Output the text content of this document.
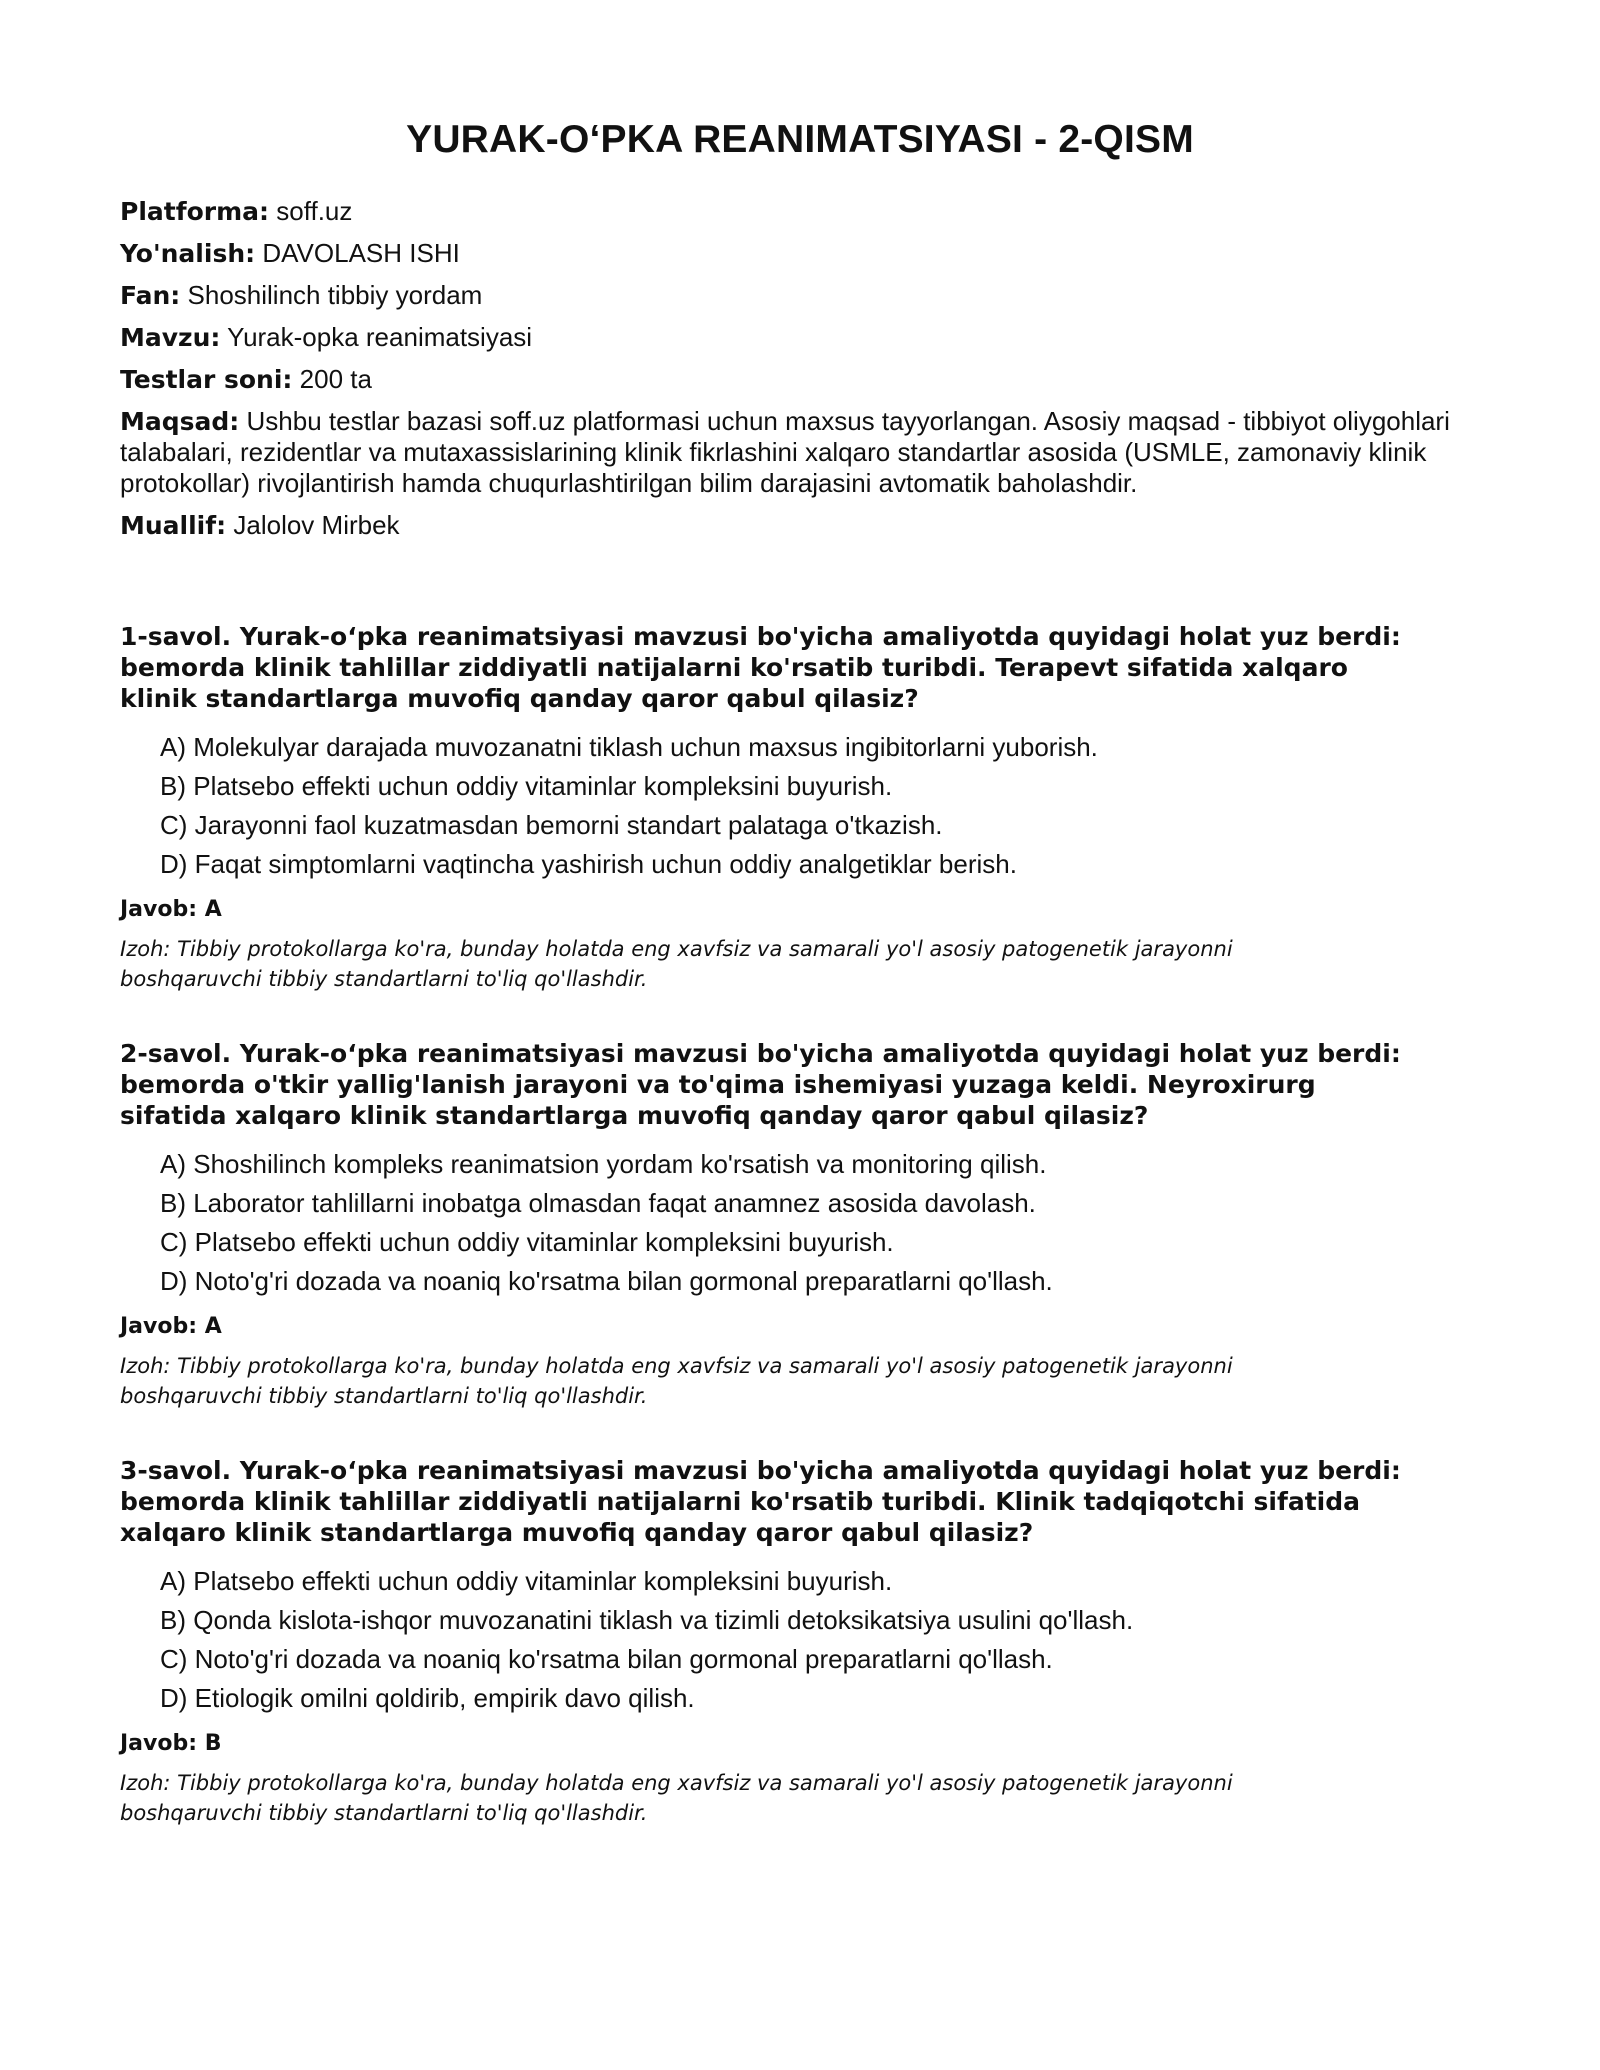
YURAK-O‘PKA REANIMATSIYASI - 2-QISM
Platforma: soff.uz
Yo'nalish: DAVOLASH ISHI
Fan: Shoshilinch tibbiy yordam
Mavzu: Yurak-opka reanimatsiyasi
Testlar soni: 200 ta
Maqsad: Ushbu testlar bazasi soff.uz platformasi uchun maxsus tayyorlangan. Asosiy maqsad - tibbiyot oliygohlari talabalari, rezidentlar va mutaxassislarining klinik fikrlashini xalqaro standartlar asosida (USMLE, zamonaviy klinik protokollar) rivojlantirish hamda chuqurlashtirilgan bilim darajasini avtomatik baholashdir.
Muallif: Jalolov Mirbek

1-savol. Yurak-o‘pka reanimatsiyasi mavzusi bo'yicha amaliyotda quyidagi holat yuz berdi: bemorda klinik tahlillar ziddiyatli natijalarni ko'rsatib turibdi. Terapevt sifatida xalqaro klinik standartlarga muvofiq qanday qaror qabul qilasiz?

A) Molekulyar darajada muvozanatni tiklash uchun maxsus ingibitorlarni yuborish.
B) Platsebo effekti uchun oddiy vitaminlar kompleksini buyurish.
C) Jarayonni faol kuzatmasdan bemorni standart palataga o'tkazish.
D) Faqat simptomlarni vaqtincha yashirish uchun oddiy analgetiklar berish.

Javob: A

Izoh: Tibbiy protokollarga ko'ra, bunday holatda eng xavfsiz va samarali yo'l asosiy patogenetik jarayonni boshqaruvchi tibbiy standartlarni to'liq qo'llashdir.

2-savol. Yurak-o‘pka reanimatsiyasi mavzusi bo'yicha amaliyotda quyidagi holat yuz berdi: bemorda o'tkir yallig'lanish jarayoni va to'qima ishemiyasi yuzaga keldi. Neyroxirurg sifatida xalqaro klinik standartlarga muvofiq qanday qaror qabul qilasiz?

A) Shoshilinch kompleks reanimatsion yordam ko'rsatish va monitoring qilish.
B) Laborator tahlillarni inobatga olmasdan faqat anamnez asosida davolash.
C) Platsebo effekti uchun oddiy vitaminlar kompleksini buyurish.
D) Noto'g'ri dozada va noaniq ko'rsatma bilan gormonal preparatlarni qo'llash.

Javob: A

Izoh: Tibbiy protokollarga ko'ra, bunday holatda eng xavfsiz va samarali yo'l asosiy patogenetik jarayonni boshqaruvchi tibbiy standartlarni to'liq qo'llashdir.

3-savol. Yurak-o‘pka reanimatsiyasi mavzusi bo'yicha amaliyotda quyidagi holat yuz berdi: bemorda klinik tahlillar ziddiyatli natijalarni ko'rsatib turibdi. Klinik tadqiqotchi sifatida xalqaro klinik standartlarga muvofiq qanday qaror qabul qilasiz?

A) Platsebo effekti uchun oddiy vitaminlar kompleksini buyurish.
B) Qonda kislota-ishqor muvozanatini tiklash va tizimli detoksikatsiya usulini qo'llash.
C) Noto'g'ri dozada va noaniq ko'rsatma bilan gormonal preparatlarni qo'llash.
D) Etiologik omilni qoldirib, empirik davo qilish.

Javob: B

Izoh: Tibbiy protokollarga ko'ra, bunday holatda eng xavfsiz va samarali yo'l asosiy patogenetik jarayonni boshqaruvchi tibbiy standartlarni to'liq qo'llashdir.
